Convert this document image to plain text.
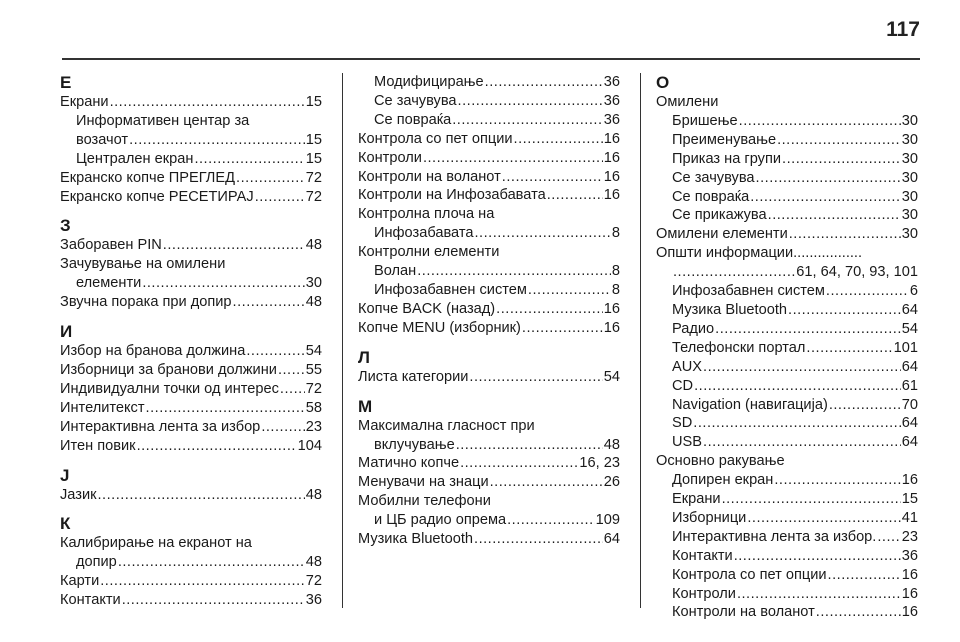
117
Е
Екрани .....	15
Информативен центар за
возачот .....	15
Централен екран .....	15
Екранско копче ПРЕГЛЕД .....	72
Екранско копче РЕСЕТИРАЈ .....	72
З
Заборавен PIN .....	48
Зачувување на омилени
елементи .....	30
Звучна порака при допир .....	48
И
Избор на бранова должина .....	54
Изборници за бранови должини ..... 55
Индивидуални точки од интерес ..... 72
Интелитекст .....	58
Интерактивна лента за избор .....	23
Итен повик .....	104
Ј
Јазик .....	48
К
Калибрирање на екранот на
допир .....	48
Карти .....	72
Контакти .....	36
Модифицирање .....	36
Се зачувува .....	36
Се повраќа .....	36
Контрола со пет опции .....	16
Контроли .....	16
Контроли на воланот .....	16
Контроли на Инфозабавата .....	16
Контролна плоча на
Инфозабавата .....	8
Контролни елементи
Волан .....	8
Инфозабавнен систем .....	8
Копче BACK (назад) .....	16
Копче MENU (изборник) .....	16
Л
Листа категории .....	54
М
Максимална гласност при
вклучување .....	48
Матично копче .....	16, 23
Менувачи на знаци .....	26
Мобилни телефони
и ЦБ радио опрема .....	109
Музика Bluetooth .....	64
О
Омилени
Бришење .....	30
Преименување .....	30
Приказ на групи .....	30
Се зачувува .....	30
Се повраќа .....	30
Се прикажува .....	30
Омилени елементи .....	30
Општи информации.................
.....
61, 64, 70, 93, 101
Инфозабавнен систем .....	6
Музика Bluetooth .....	64
Радио .....	54
Телефонски портал .....	101
AUX .....	64
CD .....	61
Navigation (навигација) .....	70
SD .....	64
USB .....	64
Основно ракување
Допирен екран .....	16
Екрани .....	15
Изборници .....	41
Интерактивна лента за избор. ..... 23
Контакти .....	36
Контрола со пет опции .....	16
Контроли .....	16
Контроли на воланот .....	16
